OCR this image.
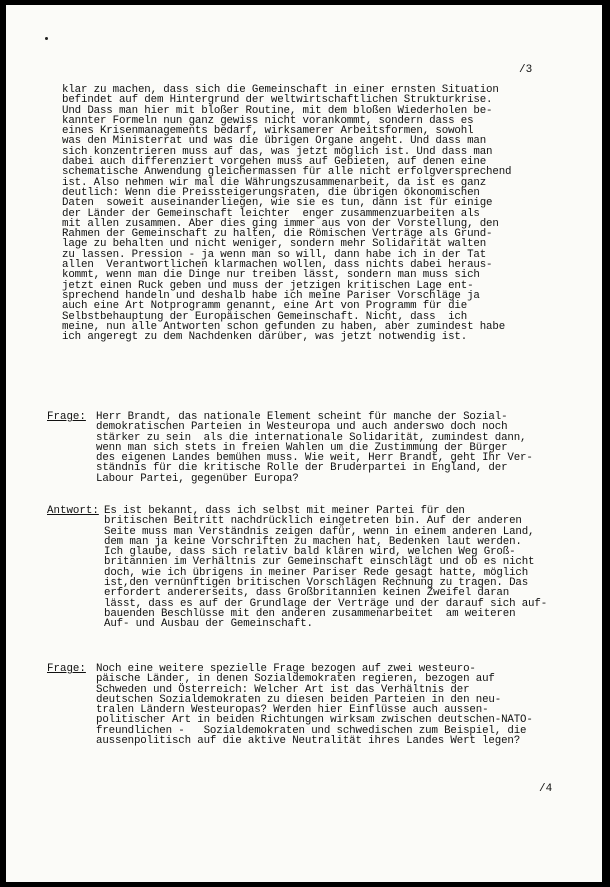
/3
klar zu machen, dass sich die Gemeinschaft in einer ernsten Situation
befindet auf dem Hintergrund der weltwirtschaftlichen Strukturkrise.
Und Dass man hier mit bloßer Routine, mit dem bloßen Wiederholen be-
kannter Formeln nun ganz gewiss nicht vorankommt, sondern dass es
eines Krisenmanagements bedarf, wirksamerer Arbeitsformen, sowohl
was den Ministerrat und was die übrigen Organe angeht. Und dass man
sich konzentrieren muss auf das, was jetzt möglich ist. Und dass man
dabei auch differenziert vorgehen muss auf Gebieten, auf denen eine
schematische Anwendung gleichermassen für alle nicht erfolgversprechend
ist. Also nehmen wir mal die Währungszusammenarbeit, da ist es ganz
deutlich: Wenn die Preissteigerungsraten, die übrigen ökonomischen
Daten  soweit auseinanderliegen, wie sie es tun, dann ist für einige
der Länder der Gemeinschaft leichter  enger zusammenzuarbeiten als
mit allen zusammen. Aber dies ging immer aus von der Vorstellung, den
Rahmen der Gemeinschaft zu halten, die Römischen Verträge als Grund-
lage zu behalten und nicht weniger, sondern mehr Solidarität walten
zu lassen. Pression - ja wenn man so will, dann habe ich in der Tat
allen  Verantwortlichen klarmachen wollen, dass nichts dabei heraus-
kommt, wenn man die Dinge nur treiben lässt, sondern man muss sich
jetzt einen Ruck geben und muss der jetzigen kritischen Lage ent-
sprechend handeln und deshalb habe ich meine Pariser Vorschläge ja
auch eine Art Notprogramm genannt, eine Art von Programm für die
Selbstbehauptung der Europäischen Gemeinschaft. Nicht, dass  ich
meine, nun alle Antworten schon gefunden zu haben, aber zumindest habe
ich angeregt zu dem Nachdenken darüber, was jetzt notwendig ist.
Frage: Herr Brandt, das nationale Element scheint für manche der Sozial-
demokratischen Parteien in Westeuropa und auch anderswo doch noch
stärker zu sein  als die internationale Solidarität, zumindest dann,
wenn man sich stets in freien Wahlen um die Zustimmung der Bürger
des eigenen Landes bemühen muss. Wie weit, Herr Brandt, geht Ihr Ver-
ständnis für die kritische Rolle der Bruderpartei in England, der
Labour Partei, gegenüber Europa?
Antwort: Es ist bekannt, dass ich selbst mit meiner Partei für den
britischen Beitritt nachdrücklich eingetreten bin. Auf der anderen
Seite muss man Verständnis zeigen dafür, wenn in einem anderen Land,
dem man ja keine Vorschriften zu machen hat, Bedenken laut werden.
Ich glaube, dass sich relativ bald klären wird, welchen Weg Groß-
britannien im Verhältnis zur Gemeinschaft einschlägt und ob es nicht
doch, wie ich übrigens in meiner Pariser Rede gesagt hatte, möglich
ist,den vernünftigen britischen Vorschlägen Rechnung zu tragen. Das
erfordert andererseits, dass Großbritannien keinen Zweifel daran
lässt, dass es auf der Grundlage der Verträge und der darauf sich auf-
bauenden Beschlüsse mit den anderen zusammenarbeitet  am weiteren
Auf- und Ausbau der Gemeinschaft.
Frage: Noch eine weitere spezielle Frage bezogen auf zwei westeuro-
päische Länder, in denen Sozialdemokraten regieren, bezogen auf
Schweden und Österreich: Welcher Art ist das Verhältnis der
deutschen Sozialdemokraten zu diesen beiden Parteien in den neu-
tralen Ländern Westeuropas? Werden hier Einflüsse auch aussen-
politischer Art in beiden Richtungen wirksam zwischen deutschen-NATO-
freundlichen -   Sozialdemokraten und schwedischen zum Beispiel, die
aussenpolitisch auf die aktive Neutralität ihres Landes Wert legen?
/4
